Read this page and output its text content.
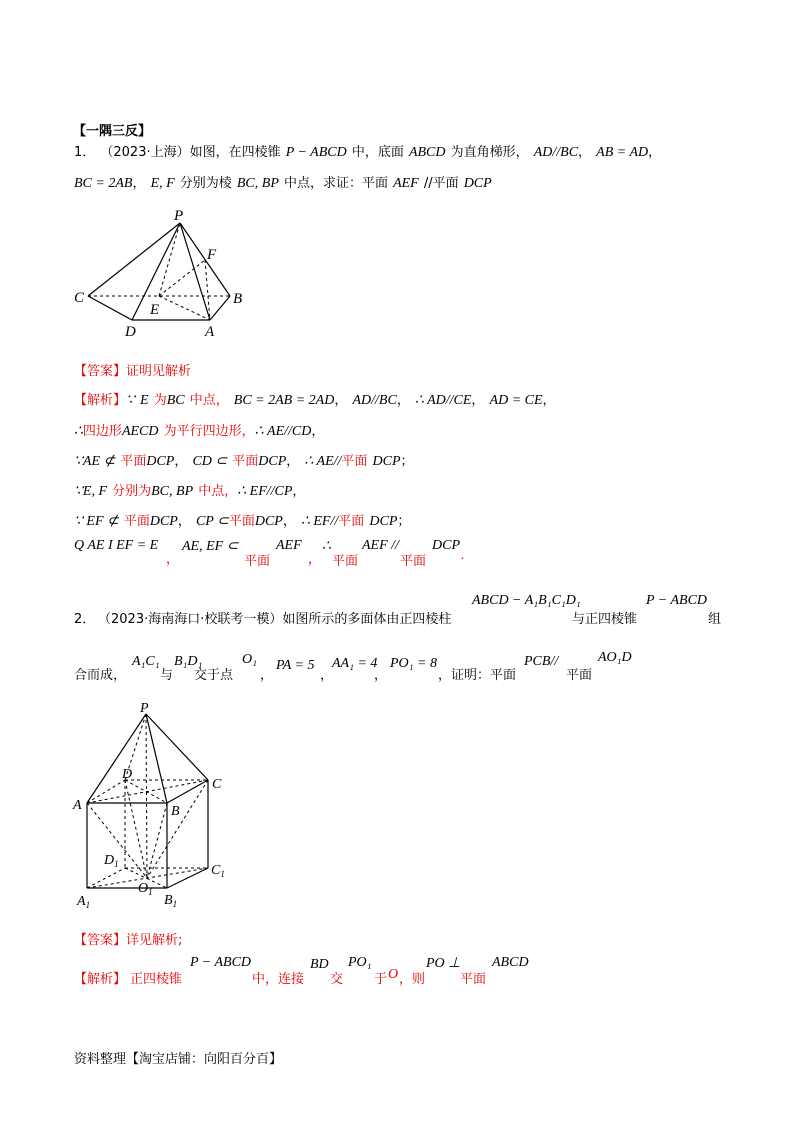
【一隅三反】
1． （2023·上海）如图，在四棱锥 P − ABCD 中，底面 ABCD 为直角梯形， AD//BC， AB = AD，
BC = 2AB， E, F 分别为棱 BC, BP 中点，求证：平面 AEF //平面 DCP
P
F
C
E
B
D	A
【答案】证明见解析
【解析】∵ E 为BC 中点， BC = 2AB = 2AD， AD//BC， ∴ AD//CE， AD = CE，
∴四边形AECD 为平行四边形，∴ AE//CD，
∵AE ⊄ 平面DCP， CD ⊂ 平面DCP， ∴ AE//平面 DCP；
∵E, F 分别为BC, BP 中点，∴ EF//CP，
∵ EF ⊄ 平面DCP， CP ⊂平面DCP， ∴ EF//平面 DCP；
Q AE I EF = E
，
AE, EF ⊂
平面
AEF
，
∴
平面
AEF //
平面
DCP
.
2． （2023·海南海口·校联考一模）如图所示的多面体由正四棱柱
ABCD − A₁B₁C₁D₁
与正四棱锥
P − ABCD
组
合而成，
A₁C₁
与
B₁D₁
交于点
O₁
，
PA = 5
，
AA₁ = 4
，
PO₁ = 8
，证明：平面
PCB//
平面
AO₁D
P
D
C
A	B
$D_1$	$C_1$
$O_1$
$A_1$	$B_1$
【答案】详见解析;
【解析】 正四棱锥
P − ABCD
中，连接
BD
交
PO₁
于 O ，则
PO ⊥
平面
ABCD
资料整理【淘宝店铺：向阳百分百】
